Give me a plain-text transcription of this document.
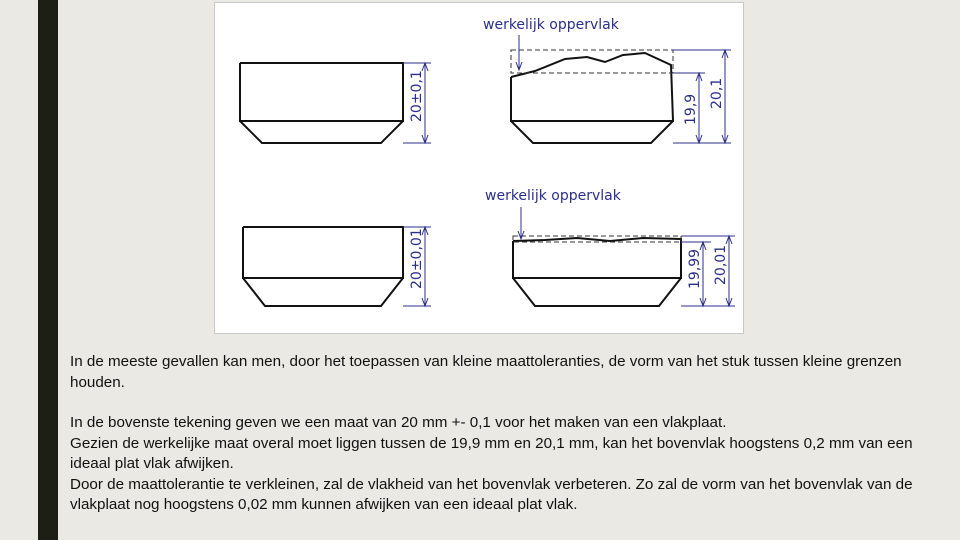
20±0,1
werkelijk oppervlak
19,9
20,1
20±0,01
werkelijk oppervlak
19,99 20,01

In de meeste gevallen kan men, door het toepassen van kleine maattoleranties, de vorm van het stuk tussen kleine grenzen houden.

In de bovenste tekening geven we een maat van 20 mm +- 0,1 voor het maken van een vlakplaat.

Gezien de werkelijke maat overal moet liggen tussen de 19,9 mm en 20,1 mm, kan het bovenvlak hoogstens 0,2 mm van een ideaal plat vlak afwijken.

Door de maattolerantie te verkleinen, zal de vlakheid van het bovenvlak verbeteren. Zo zal de vorm van het bovenvlak van de vlakplaat nog hoogstens 0,02 mm kunnen afwijken van een ideaal plat vlak.
